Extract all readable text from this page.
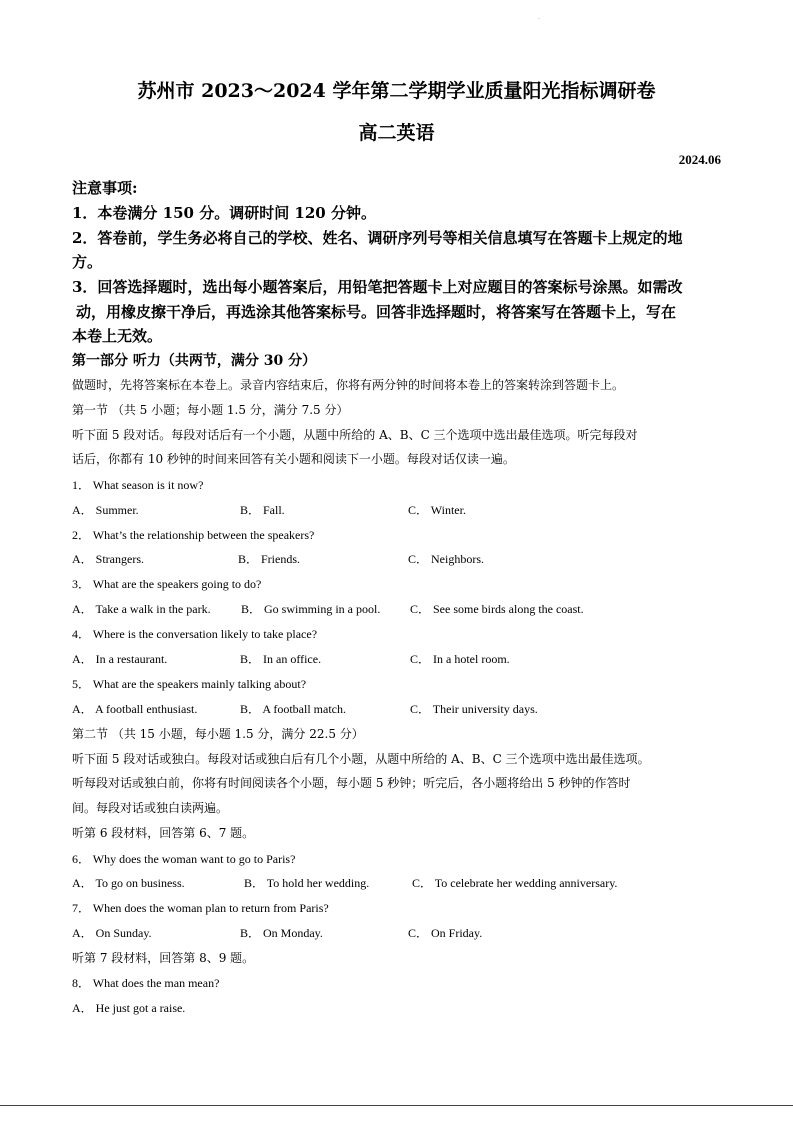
.
苏州市 2023～2024 学年第二学期学业质量阳光指标调研卷
高二英语
2024.06
注意事项:
1．本卷满分 150 分。调研时间 120 分钟。
2．答卷前，学生务必将自己的学校、姓名、调研序列号等相关信息填写在答题卡上规定的地
方。
3．回答选择题时，选出每小题答案后，用铅笔把答题卡上对应题目的答案标号涂黑。如需改
动，用橡皮擦干净后，再选涂其他答案标号。回答非选择题时，将答案写在答题卡上，写在
本卷上无效。
第一部分 听力（共两节，满分 30 分）
做题时，先将答案标在本卷上。录音内容结束后，你将有两分钟的时间将本卷上的答案转涂到答题卡上。
第一节 （共 5 小题；每小题 1.5 分，满分 7.5 分）
听下面 5 段对话。每段对话后有一个小题，从题中所给的 A、B、C 三个选项中选出最佳选项。听完每段对
话后，你都有 10 秒钟的时间来回答有关小题和阅读下一小题。每段对话仅读一遍。
1． What season is it now?
A． Summer.	B． Fall.	C． Winter.
2． What’s the relationship between the speakers?
A． Strangers.	B． Friends.	C． Neighbors.
3． What are the speakers going to do?
A． Take a walk in the park.	B． Go swimming in a pool. C． See some birds along the coast.
4． Where is the conversation likely to take place?
A． In a restaurant.	B． In an office.	C． In a hotel room.
5． What are the speakers mainly talking about?
A． A football enthusiast.	B． A football match.	C． Their university days.
第二节 （共 15 小题，每小题 1.5 分，满分 22.5 分）
听下面 5 段对话或独白。每段对话或独白后有几个小题，从题中所给的 A、B、C 三个选项中选出最佳选项。
听每段对话或独白前，你将有时间阅读各个小题，每小题 5 秒钟；听完后，各小题将给出 5 秒钟的作答时
间。每段对话或独白读两遍。
听第 6 段材料，回答第 6、7 题。
6． Why does the woman want to go to Paris?
A． To go on business.	B． To hold her wedding.	C． To celebrate her wedding anniversary.
7． When does the woman plan to return from Paris?
A． On Sunday.	B． On Monday.	C． On Friday.
听第 7 段材料，回答第 8、9 题。
8． What does the man mean?
A． He just got a raise.
